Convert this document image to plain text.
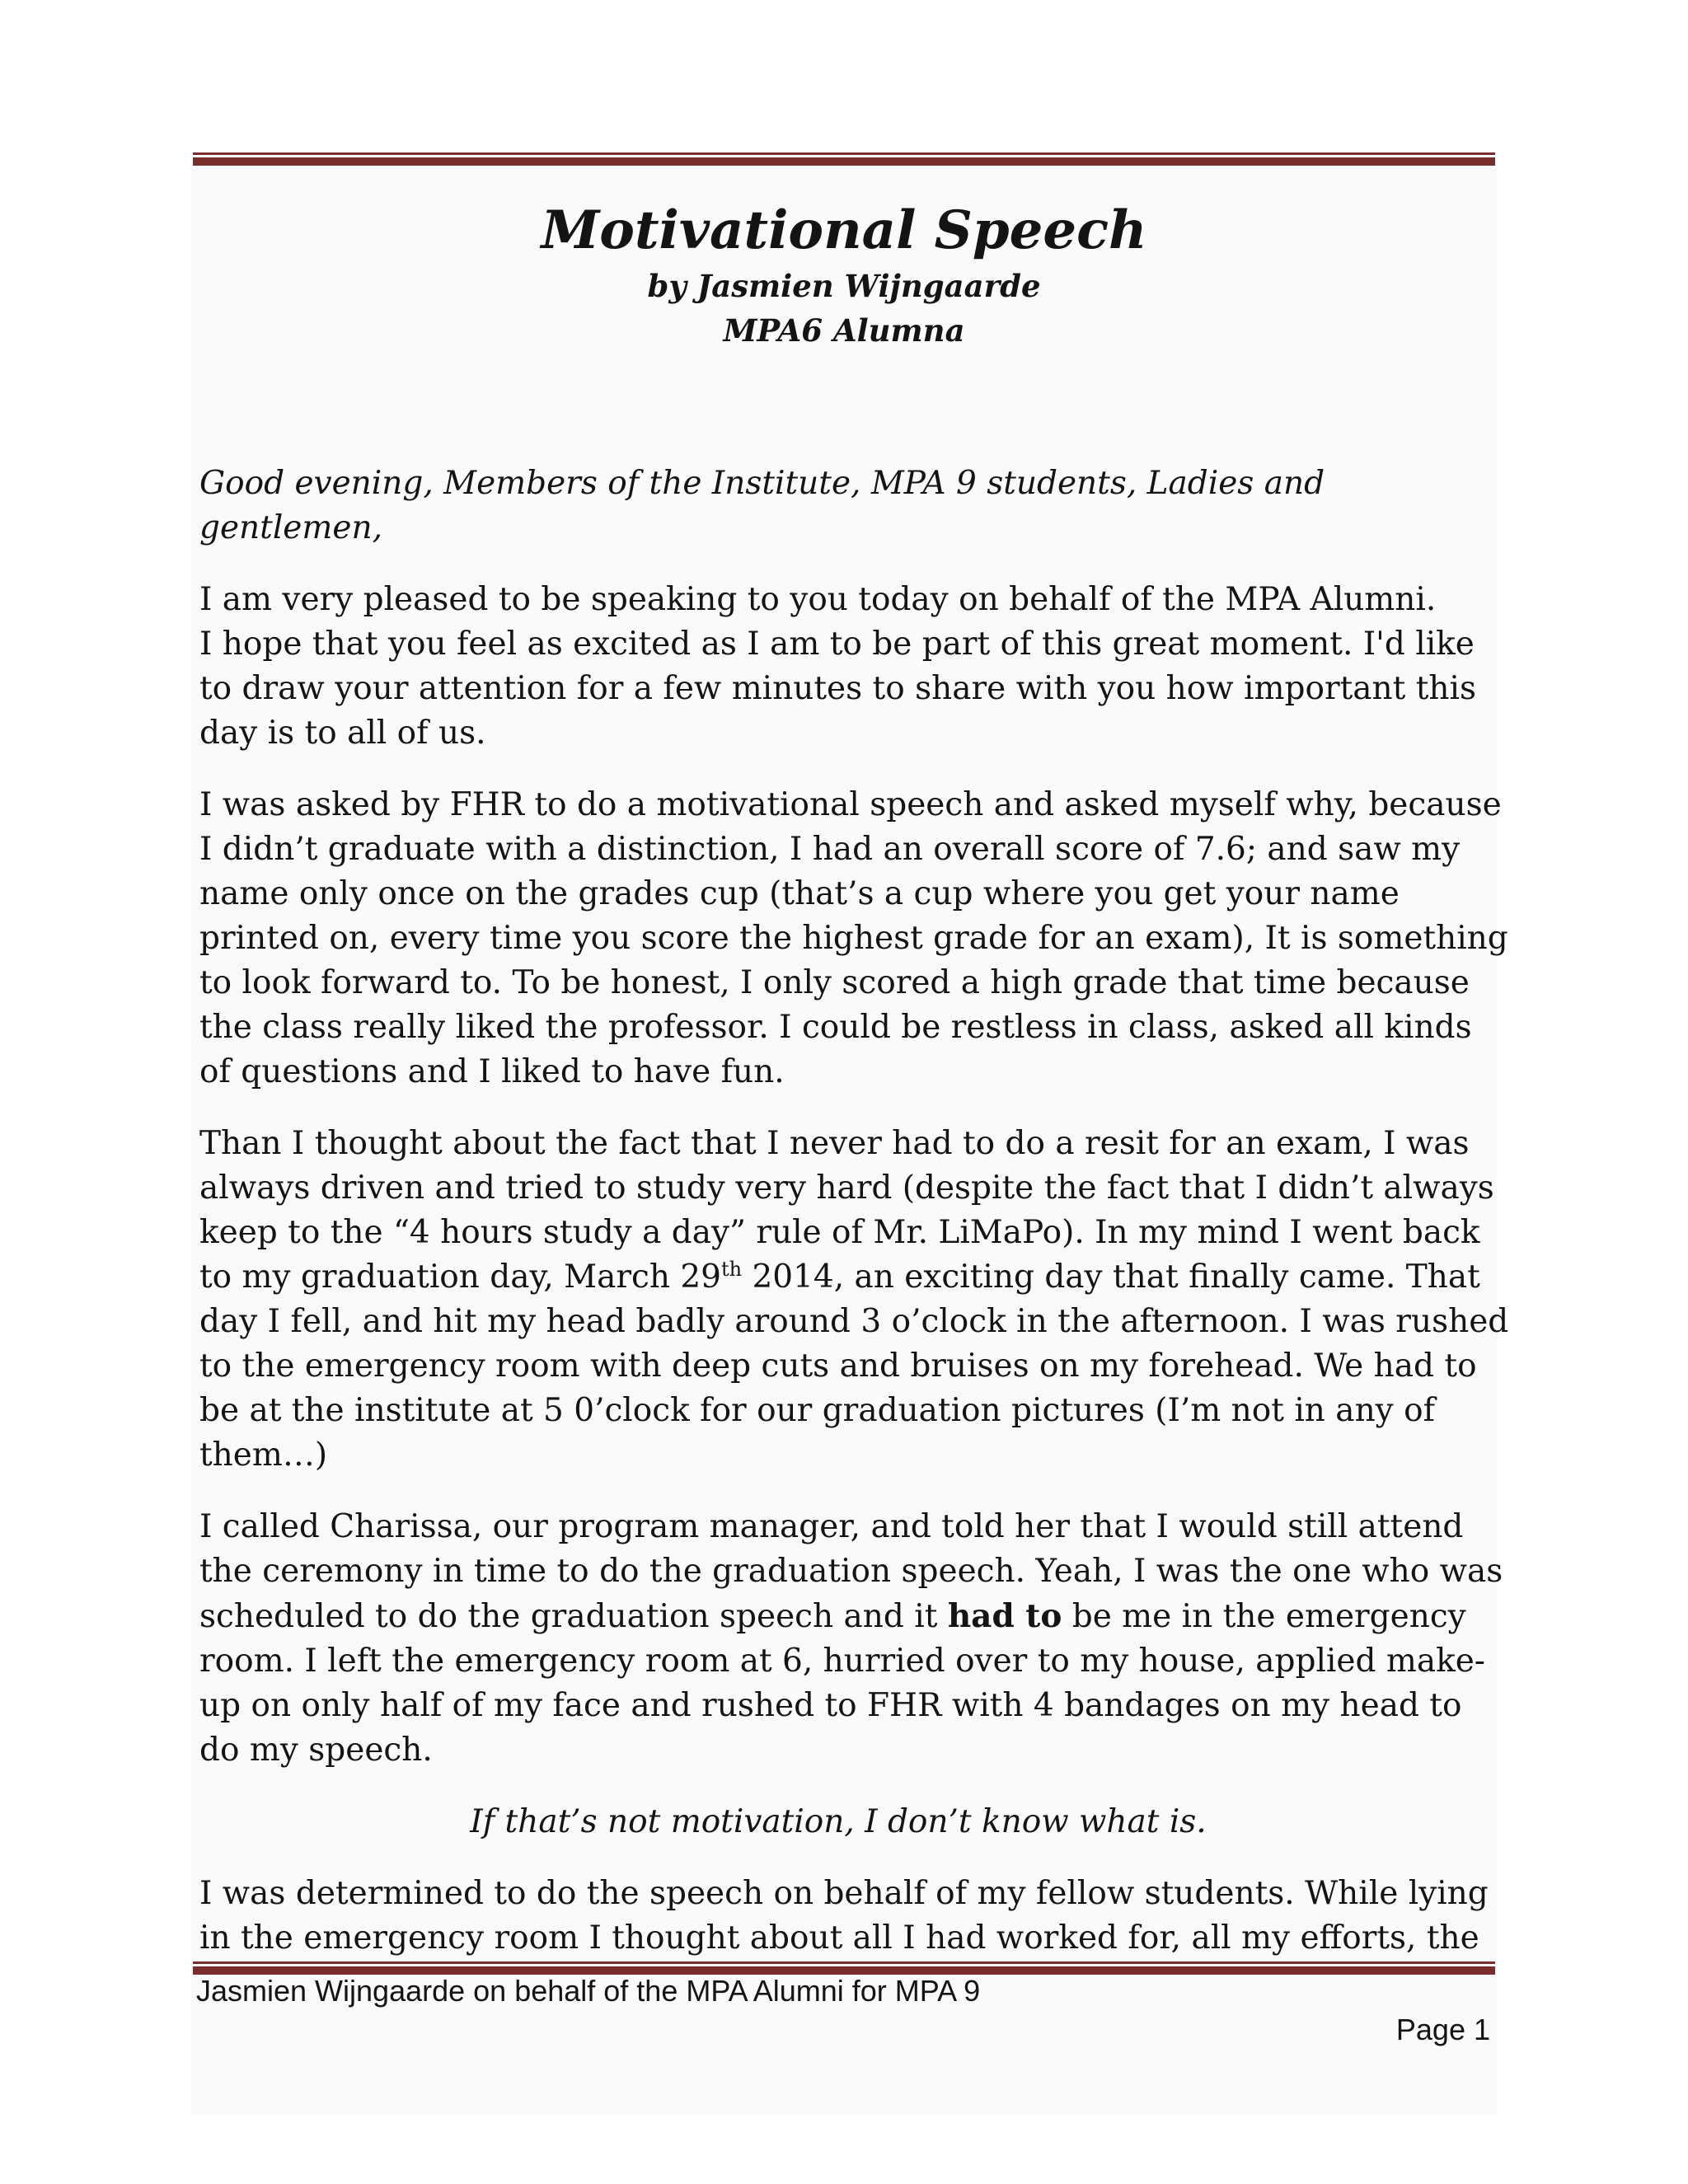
Motivational Speech
by Jasmien Wijngaarde
MPA6 Alumna

Good evening, Members of the Institute, MPA 9 students, Ladies and gentlemen,

I am very pleased to be speaking to you today on behalf of the MPA Alumni.
I hope that you feel as excited as I am to be part of this great moment. I'd like to draw your attention for a few minutes to share with you how important this day is to all of us.

I was asked by FHR to do a motivational speech and asked myself why, because I didn’t graduate with a distinction, I had an overall score of 7.6; and saw my name only once on the grades cup (that’s a cup where you get your name printed on, every time you score the highest grade for an exam), It is something to look forward to. To be honest, I only scored a high grade that time because the class really liked the professor. I could be restless in class, asked all kinds of questions and I liked to have fun.

Than I thought about the fact that I never had to do a resit for an exam, I was always driven and tried to study very hard (despite the fact that I didn’t always keep to the “4 hours study a day” rule of Mr. LiMaPo). In my mind I went back to my graduation day, March 29th 2014, an exciting day that finally came. That day I fell, and hit my head badly around 3 o’clock in the afternoon. I was rushed to the emergency room with deep cuts and bruises on my forehead. We had to be at the institute at 5 0’clock for our graduation pictures (I’m not in any of them…)

I called Charissa, our program manager, and told her that I would still attend the ceremony in time to do the graduation speech. Yeah, I was the one who was scheduled to do the graduation speech and it had to be me in the emergency room. I left the emergency room at 6, hurried over to my house, applied make-up on only half of my face and rushed to FHR with 4 bandages on my head to do my speech.

If that’s not motivation, I don’t know what is.

I was determined to do the speech on behalf of my fellow students. While lying in the emergency room I thought about all I had worked for, all my efforts, the

Jasmien Wijngaarde on behalf of the MPA Alumni for MPA 9
Page 1
